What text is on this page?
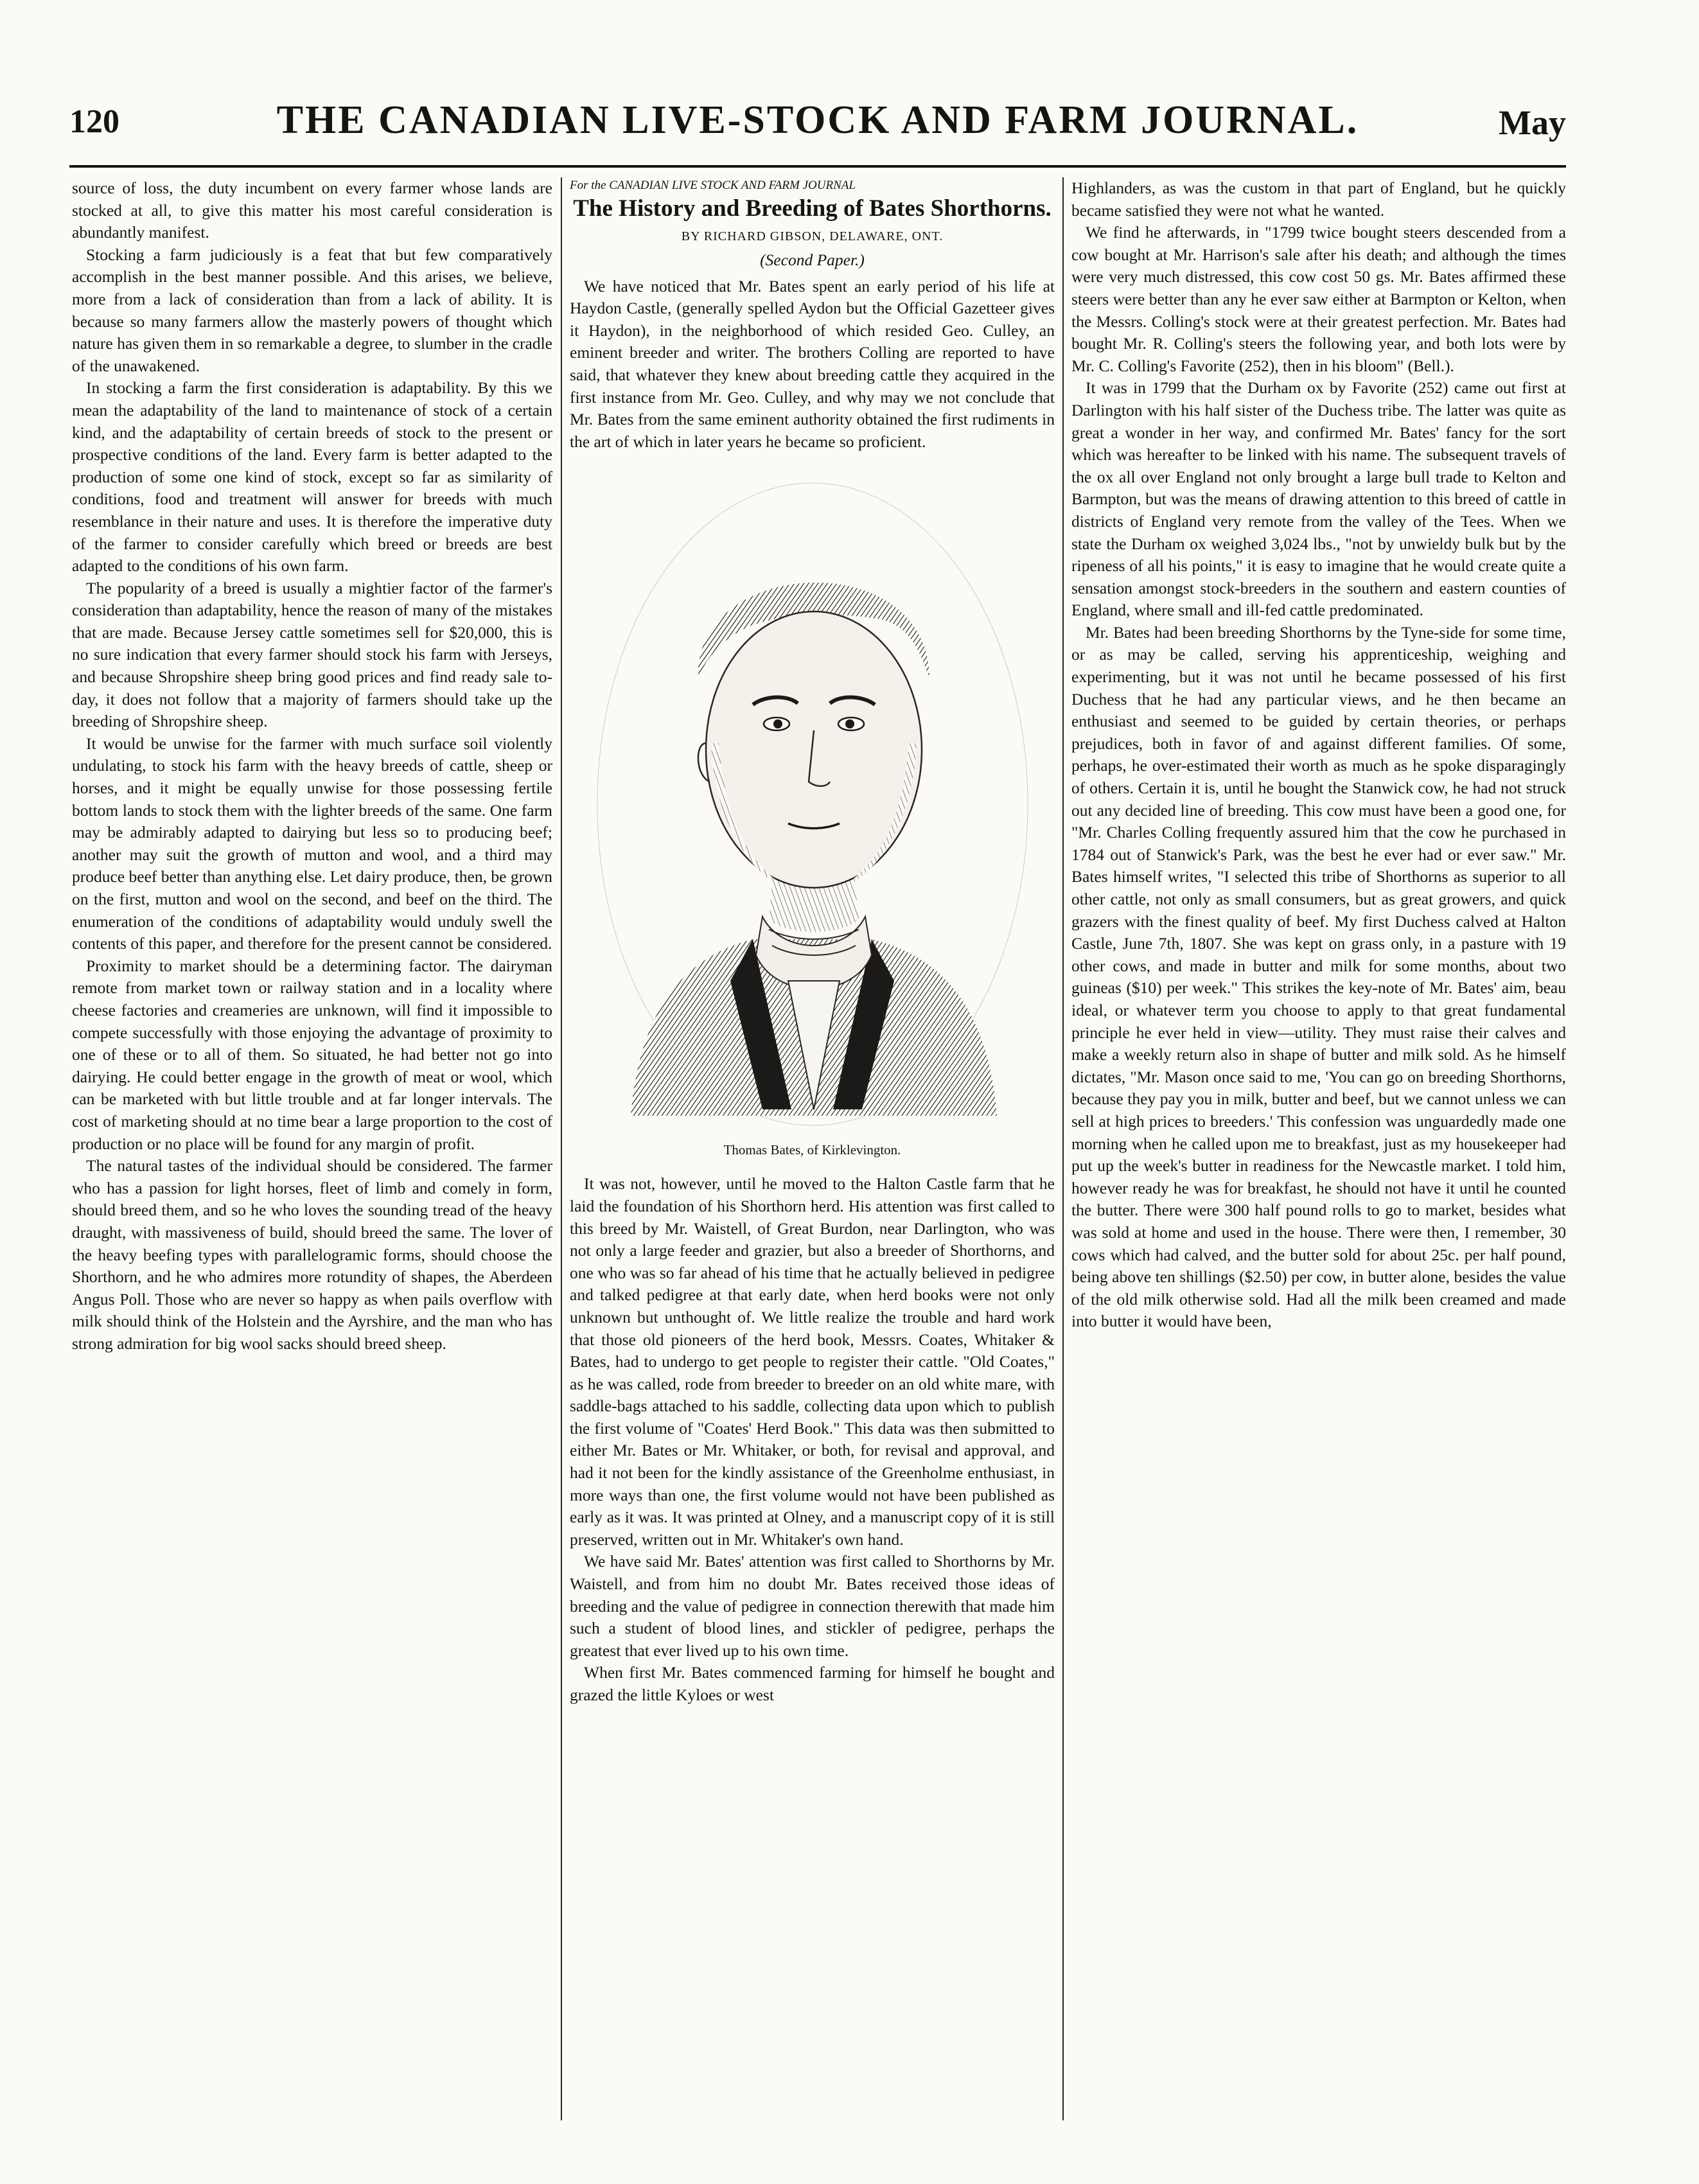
120	THE CANADIAN LIVE-STOCK AND FARM JOURNAL.	May

source of loss, the duty incumbent on every farmer whose lands are stocked at all, to give this matter his most careful consideration is abundantly manifest.

Stocking a farm judiciously is a feat that but few comparatively accomplish in the best manner possible. And this arises, we believe, more from a lack of consideration than from a lack of ability. It is because so many farmers allow the masterly powers of thought which nature has given them in so remarkable a degree, to slumber in the cradle of the unawakened.

In stocking a farm the first consideration is adaptability. By this we mean the adaptability of the land to maintenance of stock of a certain kind, and the adaptability of certain breeds of stock to the present or prospective conditions of the land. Every farm is better adapted to the production of some one kind of stock, except so far as similarity of conditions, food and treatment will answer for breeds with much resemblance in their nature and uses. It is therefore the imperative duty of the farmer to consider carefully which breed or breeds are best adapted to the conditions of his own farm.

The popularity of a breed is usually a mightier factor of the farmer's consideration than adaptability, hence the reason of many of the mistakes that are made. Because Jersey cattle sometimes sell for $20,000, this is no sure indication that every farmer should stock his farm with Jerseys, and because Shropshire sheep bring good prices and find ready sale to-day, it does not follow that a majority of farmers should take up the breeding of Shropshire sheep.

It would be unwise for the farmer with much surface soil violently undulating, to stock his farm with the heavy breeds of cattle, sheep or horses, and it might be equally unwise for those possessing fertile bottom lands to stock them with the lighter breeds of the same. One farm may be admirably adapted to dairying but less so to producing beef; another may suit the growth of mutton and wool, and a third may produce beef better than anything else. Let dairy produce, then, be grown on the first, mutton and wool on the second, and beef on the third. The enumeration of the conditions of adaptability would unduly swell the contents of this paper, and therefore for the present cannot be considered.

Proximity to market should be a determining factor. The dairyman remote from market town or railway station and in a locality where cheese factories and creameries are unknown, will find it impossible to compete successfully with those enjoying the advantage of proximity to one of these or to all of them. So situated, he had better not go into dairying. He could better engage in the growth of meat or wool, which can be marketed with but little trouble and at far longer intervals. The cost of marketing should at no time bear a large proportion to the cost of production or no place will be found for any margin of profit.

The natural tastes of the individual should be considered. The farmer who has a passion for light horses, fleet of limb and comely in form, should breed them, and so he who loves the sounding tread of the heavy draught, with massiveness of build, should breed the same. The lover of the heavy beefing types with parallelogramic forms, should choose the Shorthorn, and he who admires more rotundity of shapes, the Aberdeen Angus Poll. Those who are never so happy as when pails overflow with milk should think of the Holstein and the Ayrshire, and the man who has strong admiration for big wool sacks should breed sheep.

For the CANADIAN LIVE STOCK AND FARM JOURNAL
The History and Breeding of Bates Shorthorns.
BY RICHARD GIBSON, DELAWARE, ONT.
(Second Paper.)

We have noticed that Mr. Bates spent an early period of his life at Haydon Castle, (generally spelled Aydon but the Official Gazetteer gives it Haydon), in the neighborhood of which resided Geo. Culley, an eminent breeder and writer. The brothers Colling are reported to have said, that whatever they knew about breeding cattle they acquired in the first instance from Mr. Geo. Culley, and why may we not conclude that Mr. Bates from the same eminent authority obtained the first rudiments in the art of which in later years he became so proficient.

Thomas Bates, of Kirklevington.

It was not, however, until he moved to the Halton Castle farm that he laid the foundation of his Shorthorn herd. His attention was first called to this breed by Mr. Waistell, of Great Burdon, near Darlington, who was not only a large feeder and grazier, but also a breeder of Shorthorns, and one who was so far ahead of his time that he actually believed in pedigree and talked pedigree at that early date, when herd books were not only unknown but unthought of. We little realize the trouble and hard work that those old pioneers of the herd book, Messrs. Coates, Whitaker & Bates, had to undergo to get people to register their cattle. "Old Coates," as he was called, rode from breeder to breeder on an old white mare, with saddle-bags attached to his saddle, collecting data upon which to publish the first volume of "Coates' Herd Book." This data was then submitted to either Mr. Bates or Mr. Whitaker, or both, for revisal and approval, and had it not been for the kindly assistance of the Greenholme enthusiast, in more ways than one, the first volume would not have been published as early as it was. It was printed at Olney, and a manuscript copy of it is still preserved, written out in Mr. Whitaker's own hand.

We have said Mr. Bates' attention was first called to Shorthorns by Mr. Waistell, and from him no doubt Mr. Bates received those ideas of breeding and the value of pedigree in connection therewith that made him such a student of blood lines, and stickler of pedigree, perhaps the greatest that ever lived up to his own time.

When first Mr. Bates commenced farming for himself he bought and grazed the little Kyloes or west

Highlanders, as was the custom in that part of England, but he quickly became satisfied they were not what he wanted.

We find he afterwards, in "1799 twice bought steers descended from a cow bought at Mr. Harrison's sale after his death; and although the times were very much distressed, this cow cost 50 gs. Mr. Bates affirmed these steers were better than any he ever saw either at Barmpton or Kelton, when the Messrs. Colling's stock were at their greatest perfection. Mr. Bates had bought Mr. R. Colling's steers the following year, and both lots were by Mr. C. Colling's Favorite (252), then in his bloom" (Bell.).

It was in 1799 that the Durham ox by Favorite (252) came out first at Darlington with his half sister of the Duchess tribe. The latter was quite as great a wonder in her way, and confirmed Mr. Bates' fancy for the sort which was hereafter to be linked with his name. The subsequent travels of the ox all over England not only brought a large bull trade to Kelton and Barmpton, but was the means of drawing attention to this breed of cattle in districts of England very remote from the valley of the Tees. When we state the Durham ox weighed 3,024 lbs., "not by unwieldy bulk but by the ripeness of all his points," it is easy to imagine that he would create quite a sensation amongst stock-breeders in the southern and eastern counties of England, where small and ill-fed cattle predominated.

Mr. Bates had been breeding Shorthorns by the Tyne-side for some time, or as may be called, serving his apprenticeship, weighing and experimenting, but it was not until he became possessed of his first Duchess that he had any particular views, and he then became an enthusiast and seemed to be guided by certain theories, or perhaps prejudices, both in favor of and against different families. Of some, perhaps, he over-estimated their worth as much as he spoke disparagingly of others. Certain it is, until he bought the Stanwick cow, he had not struck out any decided line of breeding. This cow must have been a good one, for "Mr. Charles Colling frequently assured him that the cow he purchased in 1784 out of Stanwick's Park, was the best he ever had or ever saw." Mr. Bates himself writes, "I selected this tribe of Shorthorns as superior to all other cattle, not only as small consumers, but as great growers, and quick grazers with the finest quality of beef. My first Duchess calved at Halton Castle, June 7th, 1807. She was kept on grass only, in a pasture with 19 other cows, and made in butter and milk for some months, about two guineas ($10) per week." This strikes the key-note of Mr. Bates' aim, beau ideal, or whatever term you choose to apply to that great fundamental principle he ever held in view—utility. They must raise their calves and make a weekly return also in shape of butter and milk sold. As he himself dictates, "Mr. Mason once said to me, 'You can go on breeding Shorthorns, because they pay you in milk, butter and beef, but we cannot unless we can sell at high prices to breeders.' This confession was unguardedly made one morning when he called upon me to breakfast, just as my housekeeper had put up the week's butter in readiness for the Newcastle market. I told him, however ready he was for breakfast, he should not have it until he counted the butter. There were 300 half pound rolls to go to market, besides what was sold at home and used in the house. There were then, I remember, 30 cows which had calved, and the butter sold for about 25c. per half pound, being above ten shillings ($2.50) per cow, in butter alone, besides the value of the old milk otherwise sold. Had all the milk been creamed and made into butter it would have been,
